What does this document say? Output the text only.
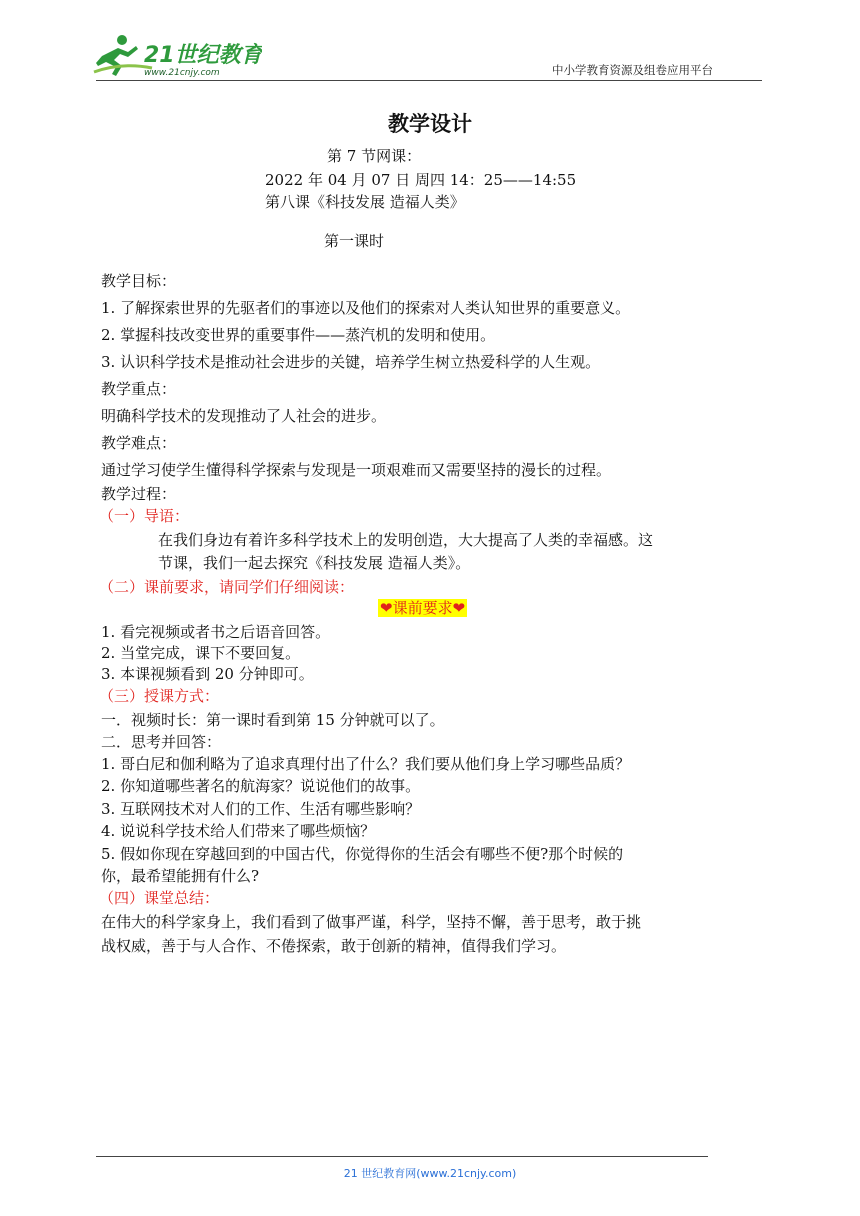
21世纪教育
www.21cnjy.com	中小学教育资源及组卷应用平台
教学设计
第 7 节网课：
2022 年 04 月 07 日 周四 14：25——14:55
第八课《科技发展 造福人类》
第一课时
教学目标：
1. 了解探索世界的先驱者们的事迹以及他们的探索对人类认知世界的重要意义。
2. 掌握科技改变世界的重要事件——蒸汽机的发明和使用。
3. 认识科学技术是推动社会进步的关键，培养学生树立热爱科学的人生观。
教学重点：
明确科学技术的发现推动了人社会的进步。
教学难点：
通过学习使学生懂得科学探索与发现是一项艰难而又需要坚持的漫长的过程。
教学过程：
（一）导语：
在我们身边有着许多科学技术上的发明创造，大大提高了人类的幸福感。这
节课，我们一起去探究《科技发展 造福人类》。
（二）课前要求，请同学们仔细阅读：
❤课前要求❤
1. 看完视频或者书之后语音回答。
2. 当堂完成，课下不要回复。
3. 本课视频看到 20 分钟即可。
（三）授课方式：
一．视频时长：第一课时看到第 15 分钟就可以了。
二．思考并回答：
1. 哥白尼和伽利略为了追求真理付出了什么？我们要从他们身上学习哪些品质？
2. 你知道哪些著名的航海家？说说他们的故事。
3. 互联网技术对人们的工作、生活有哪些影响？
4. 说说科学技术给人们带来了哪些烦恼？
5. 假如你现在穿越回到的中国古代，你觉得你的生活会有哪些不便?那个时候的
你，最希望能拥有什么?
（四）课堂总结：
在伟大的科学家身上，我们看到了做事严谨，科学，坚持不懈，善于思考，敢于挑
战权威，善于与人合作、不倦探索，敢于创新的精神，值得我们学习。
21 世纪教育网(www.21cnjy.com)
